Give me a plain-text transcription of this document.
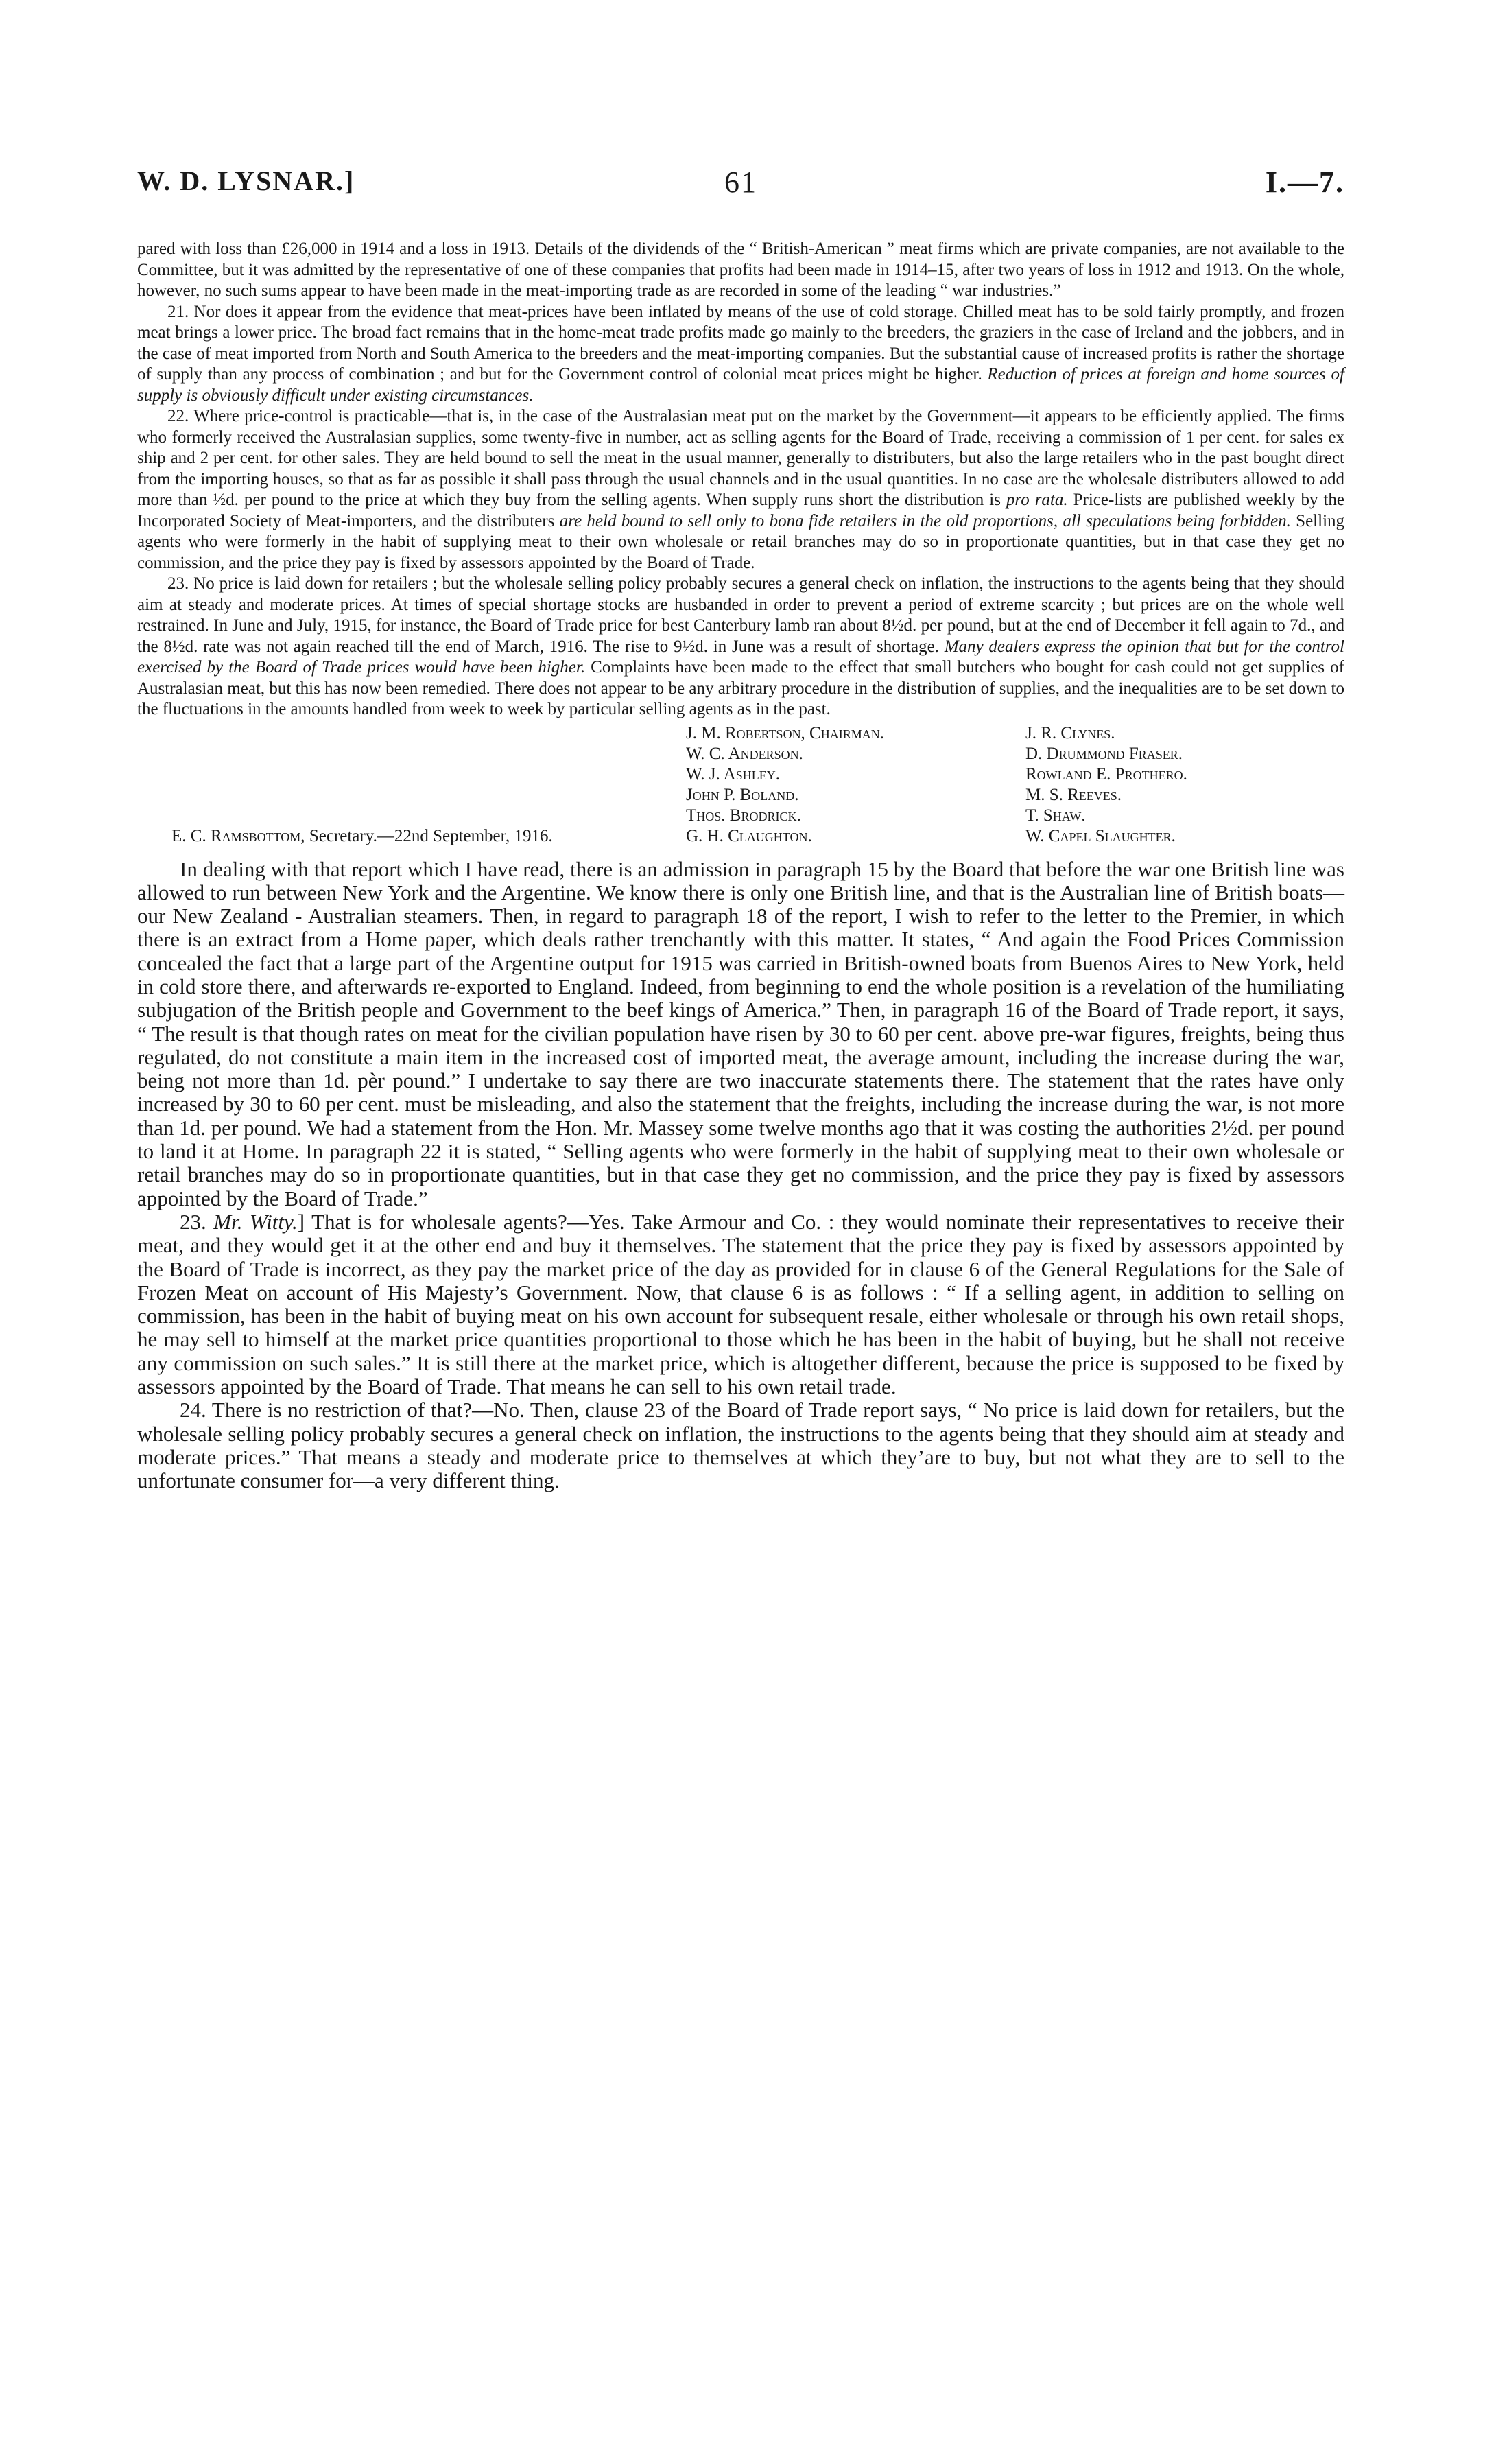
W. D. LYSNAR.]	61	I.—7.

pared with loss than £26,000 in 1914 and a loss in 1913. Details of the dividends of the “ British-American ” meat firms which are private companies, are not available to the Committee, but it was admitted by the representative of one of these companies that profits had been made in 1914–15, after two years of loss in 1912 and 1913. On the whole, however, no such sums appear to have been made in the meat-importing trade as are recorded in some of the leading “ war industries.”

21. Nor does it appear from the evidence that meat-prices have been inflated by means of the use of cold storage. Chilled meat has to be sold fairly promptly, and frozen meat brings a lower price. The broad fact remains that in the home-meat trade profits made go mainly to the breeders, the graziers in the case of Ireland and the jobbers, and in the case of meat imported from North and South America to the breeders and the meat-importing companies. But the substantial cause of increased profits is rather the shortage of supply than any process of combination ; and but for the Government control of colonial meat prices might be higher. Reduction of prices at foreign and home sources of supply is obviously difficult under existing circumstances.

22. Where price-control is practicable—that is, in the case of the Australasian meat put on the market by the Government—it appears to be efficiently applied. The firms who formerly received the Australasian supplies, some twenty-five in number, act as selling agents for the Board of Trade, receiving a commission of 1 per cent. for sales ex ship and 2 per cent. for other sales. They are held bound to sell the meat in the usual manner, generally to distributers, but also the large retailers who in the past bought direct from the importing houses, so that as far as possible it shall pass through the usual channels and in the usual quantities. In no case are the wholesale distributers allowed to add more than ½d. per pound to the price at which they buy from the selling agents. When supply runs short the distribution is pro rata. Price-lists are published weekly by the Incorporated Society of Meat-importers, and the distributers are held bound to sell only to bona fide retailers in the old proportions, all speculations being forbidden. Selling agents who were formerly in the habit of supplying meat to their own wholesale or retail branches may do so in proportionate quantities, but in that case they get no commission, and the price they pay is fixed by assessors appointed by the Board of Trade.

23. No price is laid down for retailers ; but the wholesale selling policy probably secures a general check on inflation, the instructions to the agents being that they should aim at steady and moderate prices. At times of special shortage stocks are husbanded in order to prevent a period of extreme scarcity ; but prices are on the whole well restrained. In June and July, 1915, for instance, the Board of Trade price for best Canterbury lamb ran about 8½d. per pound, but at the end of December it fell again to 7d., and the 8½d. rate was not again reached till the end of March, 1916. The rise to 9½d. in June was a result of shortage. Many dealers express the opinion that but for the control exercised by the Board of Trade prices would have been higher. Complaints have been made to the effect that small butchers who bought for cash could not get supplies of Australasian meat, but this has now been remedied. There does not appear to be any arbitrary procedure in the distribution of supplies, and the inequalities are to be set down to the fluctuations in the amounts handled from week to week by particular selling agents as in the past.

J. M. Robertson, Chairman.
W. C. Anderson.
W. J. Ashley.
John P. Boland.
Thos. Brodrick.
G. H. Claughton.
J. R. Clynes.
D. Drummond Fraser.
Rowland E. Prothero.
M. S. Reeves.
T. Shaw.
W. Capel Slaughter.
E. C. Ramsbottom, Secretary.—22nd September, 1916.

In dealing with that report which I have read, there is an admission in paragraph 15 by the Board that before the war one British line was allowed to run between New York and the Argentine. We know there is only one British line, and that is the Australian line of British boats—our New Zealand - Australian steamers. Then, in regard to paragraph 18 of the report, I wish to refer to the letter to the Premier, in which there is an extract from a Home paper, which deals rather trenchantly with this matter. It states, “ And again the Food Prices Commission concealed the fact that a large part of the Argentine output for 1915 was carried in British-owned boats from Buenos Aires to New York, held in cold store there, and afterwards re-exported to England. Indeed, from beginning to end the whole position is a revelation of the humiliating subjugation of the British people and Government to the beef kings of America.” Then, in paragraph 16 of the Board of Trade report, it says, “ The result is that though rates on meat for the civilian population have risen by 30 to 60 per cent. above pre-war figures, freights, being thus regulated, do not constitute a main item in the increased cost of imported meat, the average amount, including the increase during the war, being not more than 1d. pèr pound.” I undertake to say there are two inaccurate statements there. The statement that the rates have only increased by 30 to 60 per cent. must be misleading, and also the statement that the freights, including the increase during the war, is not more than 1d. per pound. We had a statement from the Hon. Mr. Massey some twelve months ago that it was costing the authorities 2½d. per pound to land it at Home. In paragraph 22 it is stated, “ Selling agents who were formerly in the habit of supplying meat to their own wholesale or retail branches may do so in proportionate quantities, but in that case they get no commission, and the price they pay is fixed by assessors appointed by the Board of Trade.”

23. Mr. Witty.] That is for wholesale agents?—Yes. Take Armour and Co. : they would nominate their representatives to receive their meat, and they would get it at the other end and buy it themselves. The statement that the price they pay is fixed by assessors appointed by the Board of Trade is incorrect, as they pay the market price of the day as provided for in clause 6 of the General Regulations for the Sale of Frozen Meat on account of His Majesty’s Government. Now, that clause 6 is as follows : “ If a selling agent, in addition to selling on commission, has been in the habit of buying meat on his own account for subsequent resale, either wholesale or through his own retail shops, he may sell to himself at the market price quantities proportional to those which he has been in the habit of buying, but he shall not receive any commission on such sales.” It is still there at the market price, which is altogether different, because the price is supposed to be fixed by assessors appointed by the Board of Trade. That means he can sell to his own retail trade.

24. There is no restriction of that?—No. Then, clause 23 of the Board of Trade report says, “ No price is laid down for retailers, but the wholesale selling policy probably secures a general check on inflation, the instructions to the agents being that they should aim at steady and moderate prices.” That means a steady and moderate price to themselves at which they’are to buy, but not what they are to sell to the unfortunate consumer for—a very different thing.
